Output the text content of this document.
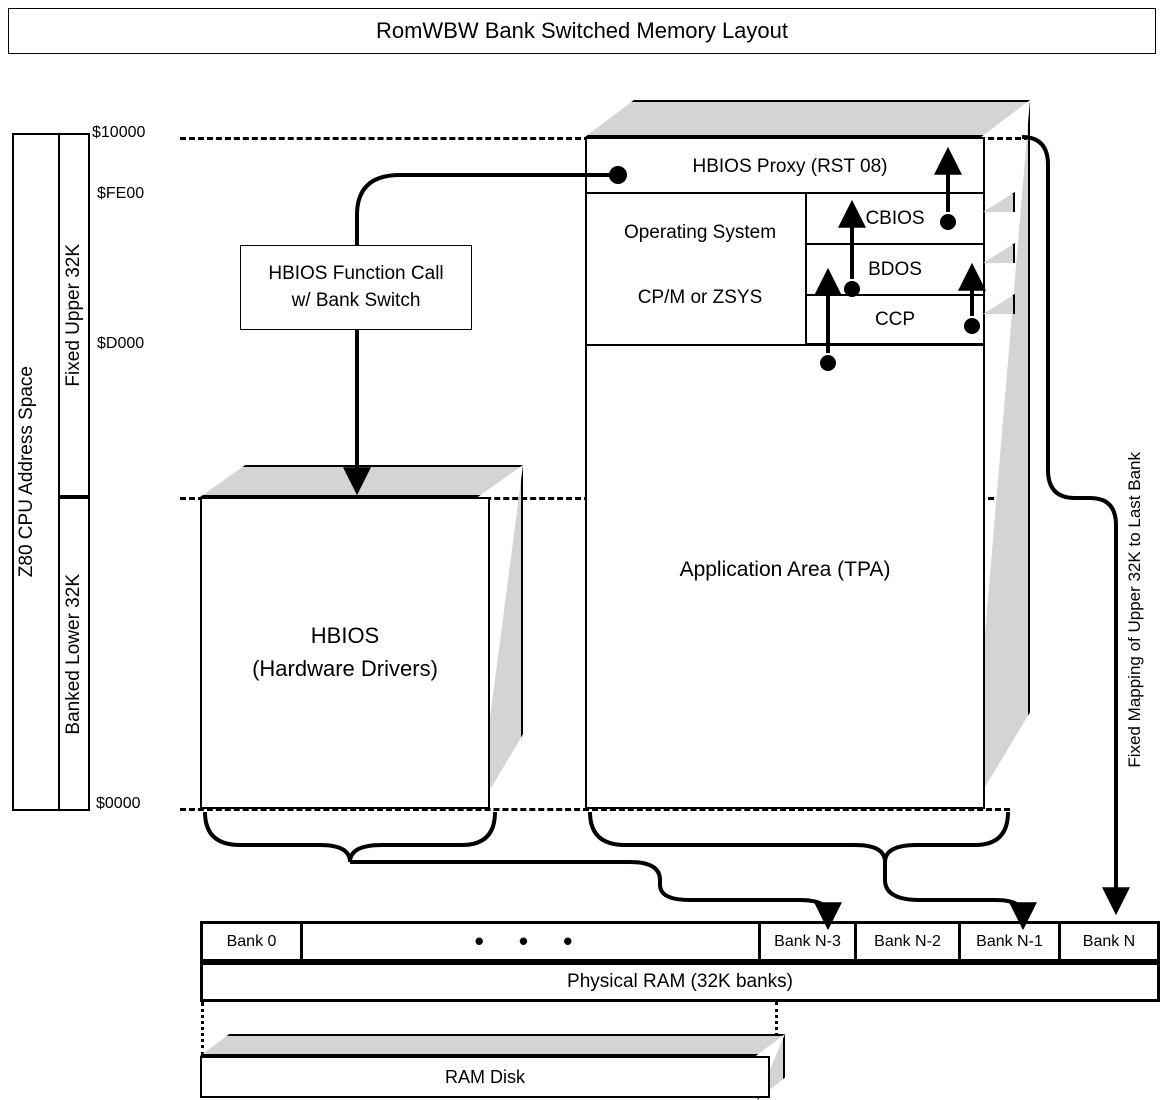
RomWBW Bank Switched Memory Layout
Z80 CPU Address Space
Fixed Upper 32K
Banked Lower 32K
$10000
$FE00
$D000
$0000
HBIOS
(Hardware Drivers)
HBIOS Proxy (RST 08)
Operating System
CP/M or ZSYS
Application Area (TPA)
CBIOS
BDOS
CCP
HBIOS Function Call
w/ Bank Switch
Bank 0	• • •	Bank N-3	Bank N-2	Bank N-1	Bank N
Physical RAM (32K banks)
RAM Disk
Fixed Mapping of Upper 32K to Last Bank
